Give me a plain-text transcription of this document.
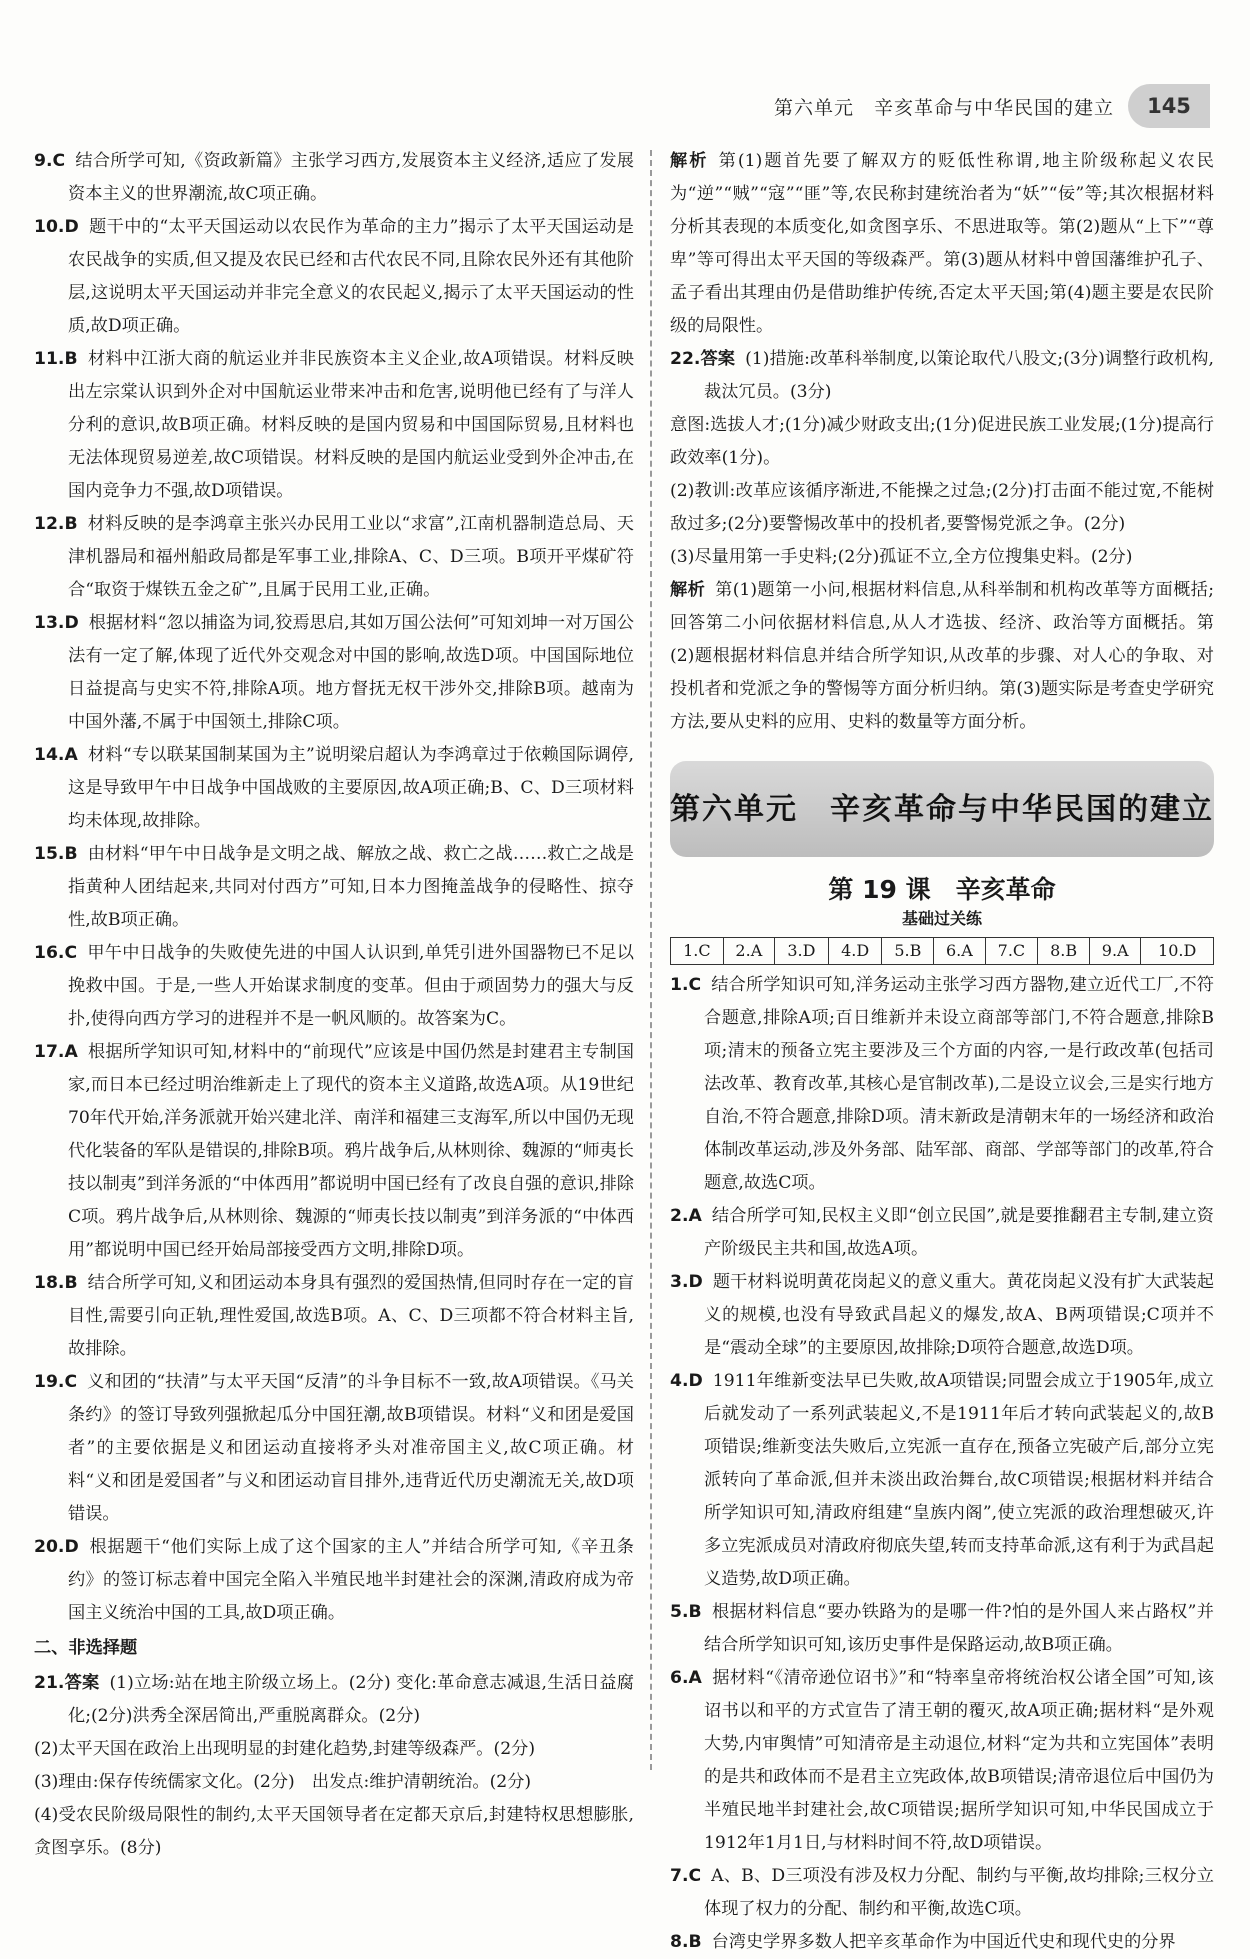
第六单元　辛亥革命与中华民国的建立	145

9.C 结合所学可知,《资政新篇》主张学习西方,发展资本主义经济,适应了发展资本主义的世界潮流,故C项正确。

10.D 题干中的“太平天国运动以农民作为革命的主力”揭示了太平天国运动是农民战争的实质,但又提及农民已经和古代农民不同,且除农民外还有其他阶层,这说明太平天国运动并非完全意义的农民起义,揭示了太平天国运动的性质,故D项正确。

11.B 材料中江浙大商的航运业并非民族资本主义企业,故A项错误。材料反映出左宗棠认识到外企对中国航运业带来冲击和危害,说明他已经有了与洋人分利的意识,故B项正确。材料反映的是国内贸易和中国国际贸易,且材料也无法体现贸易逆差,故C项错误。材料反映的是国内航运业受到外企冲击,在国内竞争力不强,故D项错误。

12.B 材料反映的是李鸿章主张兴办民用工业以“求富”,江南机器制造总局、天津机器局和福州船政局都是军事工业,排除A、C、D三项。B项开平煤矿符合“取资于煤铁五金之矿”,且属于民用工业,正确。

13.D 根据材料“忽以捕盗为词,狡焉思启,其如万国公法何”可知刘坤一对万国公法有一定了解,体现了近代外交观念对中国的影响,故选D项。中国国际地位日益提高与史实不符,排除A项。地方督抚无权干涉外交,排除B项。越南为中国外藩,不属于中国领土,排除C项。

14.A 材料“专以联某国制某国为主”说明梁启超认为李鸿章过于依赖国际调停,这是导致甲午中日战争中国战败的主要原因,故A项正确;B、C、D三项材料均未体现,故排除。

15.B 由材料“甲午中日战争是文明之战、解放之战、救亡之战……救亡之战是指黄种人团结起来,共同对付西方”可知,日本力图掩盖战争的侵略性、掠夺性,故B项正确。

16.C 甲午中日战争的失败使先进的中国人认识到,单凭引进外国器物已不足以挽救中国。于是,一些人开始谋求制度的变革。但由于顽固势力的强大与反扑,使得向西方学习的进程并不是一帆风顺的。故答案为C。

17.A 根据所学知识可知,材料中的“前现代”应该是中国仍然是封建君主专制国家,而日本已经过明治维新走上了现代的资本主义道路,故选A项。从19世纪70年代开始,洋务派就开始兴建北洋、南洋和福建三支海军,所以中国仍无现代化装备的军队是错误的,排除B项。鸦片战争后,从林则徐、魏源的“师夷长技以制夷”到洋务派的“中体西用”都说明中国已经有了改良自强的意识,排除C项。鸦片战争后,从林则徐、魏源的“师夷长技以制夷”到洋务派的“中体西用”都说明中国已经开始局部接受西方文明,排除D项。

18.B 结合所学可知,义和团运动本身具有强烈的爱国热情,但同时存在一定的盲目性,需要引向正轨,理性爱国,故选B项。A、C、D三项都不符合材料主旨,故排除。

19.C 义和团的“扶清”与太平天国“反清”的斗争目标不一致,故A项错误。《马关条约》的签订导致列强掀起瓜分中国狂潮,故B项错误。材料“义和团是爱国者”的主要依据是义和团运动直接将矛头对准帝国主义,故C项正确。材料“义和团是爱国者”与义和团运动盲目排外,违背近代历史潮流无关,故D项错误。

20.D 根据题干“他们实际上成了这个国家的主人”并结合所学可知,《辛丑条约》的签订标志着中国完全陷入半殖民地半封建社会的深渊,清政府成为帝国主义统治中国的工具,故D项正确。

二、非选择题

21.答案 (1)立场:站在地主阶级立场上。(2分) 变化:革命意志减退,生活日益腐化;(2分)洪秀全深居简出,严重脱离群众。(2分)

(2)太平天国在政治上出现明显的封建化趋势,封建等级森严。(2分)

(3)理由:保存传统儒家文化。(2分)　出发点:维护清朝统治。(2分)

(4)受农民阶级局限性的制约,太平天国领导者在定都天京后,封建特权思想膨胀,贪图享乐。(8分)

解析 第(1)题首先要了解双方的贬低性称谓,地主阶级称起义农民为“逆”“贼”“寇”“匪”等,农民称封建统治者为“妖”“佞”等;其次根据材料分析其表现的本质变化,如贪图享乐、不思进取等。第(2)题从“上下”“尊卑”等可得出太平天国的等级森严。第(3)题从材料中曾国藩维护孔子、孟子看出其理由仍是借助维护传统,否定太平天国;第(4)题主要是农民阶级的局限性。

22.答案 (1)措施:改革科举制度,以策论取代八股文;(3分)调整行政机构,裁汰冗员。(3分)

意图:选拔人才;(1分)减少财政支出;(1分)促进民族工业发展;(1分)提高行政效率(1分)。

(2)教训:改革应该循序渐进,不能操之过急;(2分)打击面不能过宽,不能树敌过多;(2分)要警惕改革中的投机者,要警惕党派之争。(2分)

(3)尽量用第一手史料;(2分)孤证不立,全方位搜集史料。(2分)

解析 第(1)题第一小问,根据材料信息,从科举制和机构改革等方面概括;回答第二小问依据材料信息,从人才选拔、经济、政治等方面概括。第(2)题根据材料信息并结合所学知识,从改革的步骤、对人心的争取、对投机者和党派之争的警惕等方面分析归纳。第(3)题实际是考查史学研究方法,要从史料的应用、史料的数量等方面分析。

第六单元　辛亥革命与中华民国的建立

第 19 课　辛亥革命

基础过关练

1.C	2.A	3.D	4.D	5.B	6.A	7.C	8.B	9.A	10.D

1.C 结合所学知识可知,洋务运动主张学习西方器物,建立近代工厂,不符合题意,排除A项;百日维新并未设立商部等部门,不符合题意,排除B项;清末的预备立宪主要涉及三个方面的内容,一是行政改革(包括司法改革、教育改革,其核心是官制改革),二是设立议会,三是实行地方自治,不符合题意,排除D项。清末新政是清朝末年的一场经济和政治体制改革运动,涉及外务部、陆军部、商部、学部等部门的改革,符合题意,故选C项。

2.A 结合所学可知,民权主义即“创立民国”,就是要推翻君主专制,建立资产阶级民主共和国,故选A项。

3.D 题干材料说明黄花岗起义的意义重大。黄花岗起义没有扩大武装起义的规模,也没有导致武昌起义的爆发,故A、B两项错误;C项并不是“震动全球”的主要原因,故排除;D项符合题意,故选D项。

4.D 1911年维新变法早已失败,故A项错误;同盟会成立于1905年,成立后就发动了一系列武装起义,不是1911年后才转向武装起义的,故B项错误;维新变法失败后,立宪派一直存在,预备立宪破产后,部分立宪派转向了革命派,但并未淡出政治舞台,故C项错误;根据材料并结合所学知识可知,清政府组建“皇族内阁”,使立宪派的政治理想破灭,许多立宪派成员对清政府彻底失望,转而支持革命派,这有利于为武昌起义造势,故D项正确。

5.B 根据材料信息“要办铁路为的是哪一件?怕的是外国人来占路权”并结合所学知识可知,该历史事件是保路运动,故B项正确。

6.A 据材料“《清帝逊位诏书》”和“特率皇帝将统治权公诸全国”可知,该诏书以和平的方式宣告了清王朝的覆灭,故A项正确;据材料“是外观大势,内审舆情”可知清帝是主动退位,材料“定为共和立宪国体”表明的是共和政体而不是君主立宪政体,故B项错误;清帝退位后中国仍为半殖民地半封建社会,故C项错误;据所学知识可知,中华民国成立于1912年1月1日,与材料时间不符,故D项错误。

7.C A、B、D三项没有涉及权力分配、制约与平衡,故均排除;三权分立体现了权力的分配、制约和平衡,故选C项。

8.B 台湾史学界多数人把辛亥革命作为中国近代史和现代史的分界
